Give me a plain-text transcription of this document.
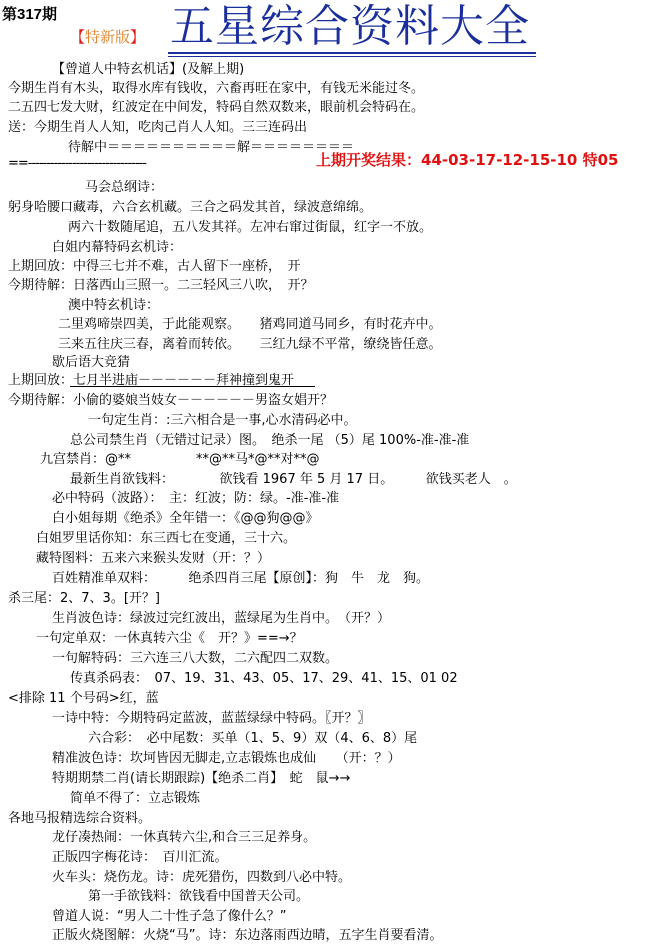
第317期
【特新版】 五星综合资料大全
【曾道人中特玄机话】(及解上期)
今期生肖有木头，取得水库有钱收，六畜再旺在家中，有钱无米能过冬。
二五四七发大财，红波定在中间发，特码自然双数来，眼前机会特码在。
送：今期生肖人人知，吃肉己肖人人知。三三连码出
待解中＝＝＝＝＝＝＝＝＝＝解＝＝＝＝＝＝＝＝
==--------------------------------	上期开奖结果：44-03-17-12-15-10 特05
马会总纲诗：
躬身哈腰口藏毒，六合玄机藏。三合之码发其首，绿波意绵绵。
两六十数随尾追，五八发其祥。左冲右窜过街鼠，红字一不放。
白姐内幕特码玄机诗：
上期回放：中得三七并不难，古人留下一座桥，　开
今期待解：日落西山三照一。二三轻风三八吹，　开？
澳中特玄机诗：
二里鸡啼崇四美，于此能观察。　　猪鸡同道马同乡，有时花卉中。
三来五往庆三春，离着而转依。　　三红九绿不平常，缭绕皆任意。
歇后语大竞猜
上期回放：七月半进庙－－－－－－拜神撞到鬼开
今期待解：小偷的婆娘当妓女－－－－－－男盗女娼开？
一句定生肖：:三六相合是一事,心水清码必中。
总公司禁生肖（无错过记录）图。　绝杀一尾 （5）尾 100%-准-准-准
九宫禁肖：@**　　　　　**@**马*@**对**@
最新生肖欲钱料：　　　　欲钱看 1967 年 5 月 17 日。　　　欲钱买老人　。
必中特码（波路）：　主：红波；防：绿。-准-准-准
白小姐每期《绝杀》全年错一：《@@狗@@》
白姐罗里话你知：东三西七在变通，三十六。
藏特图料：五来六来猴头发财（开：？）
百姓精准单双料：　　　绝杀四肖三尾【原创】：狗　牛　龙　狗。
杀三尾：2、7、3。[开？]
生肖波色诗：绿波过完红波出，蓝绿尾为生肖中。　（开？）
一句定单双：一休真转六尘《　开？》==→？
一句解特码：三六连三八大数，二六配四二双数。
传真杀码表：　07、19、31、43、05、17、29、41、15、01 02
<排除 11 个号码>红，蓝
一诗中特：今期特码定蓝波，蓝蓝绿绿中特码。〖开？〗
六合彩：　必中尾数：买单（1、5、9）双（4、6、8）尾
精准波色诗：坎坷皆因无脚走,立志锻炼也成仙　　（开：？）
特期期禁二肖(请长期跟踪)【绝杀二肖】　蛇　鼠→→
简单不得了：立志锻炼
各地马报精选综合资料。
龙仔凑热闹：一休真转六尘,和合三三足养身。
正版四字梅花诗：　百川汇流。
火车头：烧伤龙。诗：虎死猎伤，四数到八必中特。
第一手欲钱料：欲钱看中国普天公司。
曾道人说：“男人二十性子急了像什么？”
正版火烧图解：火烧“马”。诗：东边落雨西边晴，五字生肖要看清。
